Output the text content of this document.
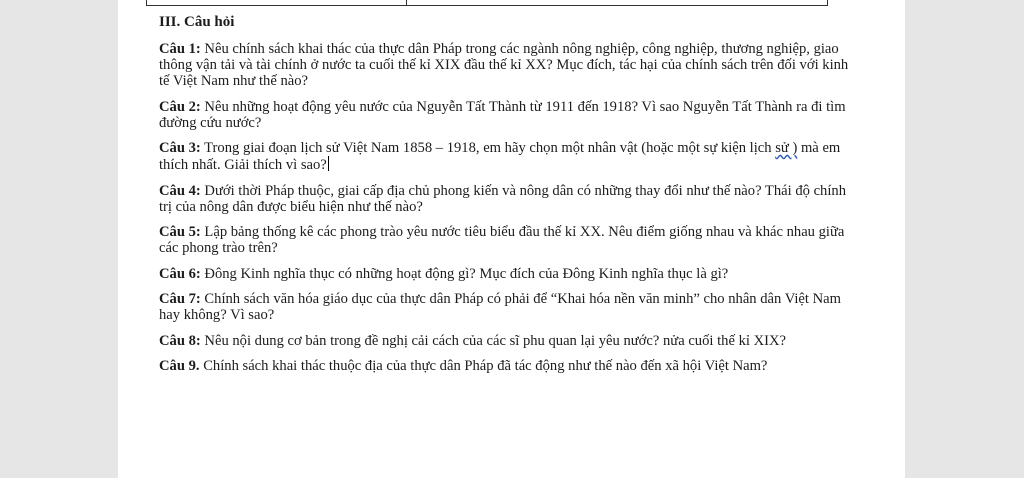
III. Câu hỏi

Câu 1: Nêu chính sách khai thác của thực dân Pháp trong các ngành nông nghiệp, công nghiệp, thương nghiệp, giao thông vận tải và tài chính ở nước ta cuối thế kỉ XIX đầu thế kỉ XX? Mục đích, tác hại của chính sách trên đối với kinh tế Việt Nam như thế nào?

Câu 2: Nêu những hoạt động yêu nước của Nguyễn Tất Thành từ 1911 đến 1918? Vì sao Nguyễn Tất Thành ra đi tìm đường cứu nước?

Câu 3: Trong giai đoạn lịch sử Việt Nam 1858 – 1918, em hãy chọn một nhân vật (hoặc một sự kiện lịch sử ) mà em thích nhất. Giải thích vì sao?

Câu 4: Dưới thời Pháp thuộc, giai cấp địa chủ phong kiến và nông dân có những thay đổi như thế nào? Thái độ chính trị của nông dân được biểu hiện như thế nào?

Câu 5: Lập bảng thống kê các phong trào yêu nước tiêu biểu đầu thế kỉ XX. Nêu điểm giống nhau và khác nhau giữa các phong trào trên?

Câu 6: Đông Kinh nghĩa thục có những hoạt động gì? Mục đích của Đông Kinh nghĩa thục là gì?

Câu 7: Chính sách văn hóa giáo dục của thực dân Pháp có phải để “Khai hóa nền văn minh” cho nhân dân Việt Nam hay không? Vì sao?

Câu 8: Nêu nội dung cơ bản trong đề nghị cải cách của các sĩ phu quan lại yêu nước? nửa cuối thế kỉ XIX?

Câu 9. Chính sách khai thác thuộc địa của thực dân Pháp đã tác động như thế nào đến xã hội Việt Nam?
